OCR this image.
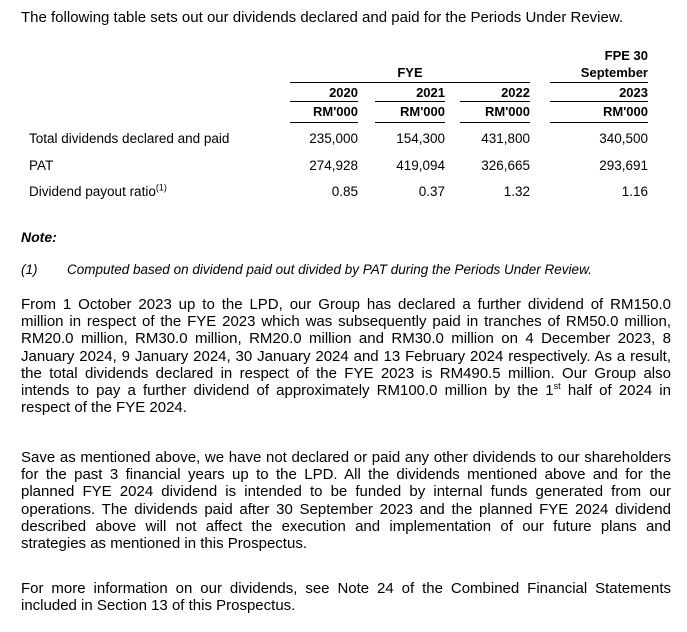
The following table sets out our dividends declared and paid for the Periods Under Review.

FYE
FPE 30
September
2020	2021	2022	2023
RM'000	RM'000	RM'000	RM'000
Total dividends declared and paid	235,000	154,300	431,800	340,500
PAT	274,928	419,094	326,665	293,691
Dividend payout ratio$^{(1)}$	0.85	0.37	1.32	1.16
Note:
(1) Computed based on dividend paid out divided by PAT during the Periods Under Review.

From 1 October 2023 up to the LPD, our Group has declared a further dividend of RM150.0 million in respect of the FYE 2023 which was subsequently paid in tranches of RM50.0 million, RM20.0 million, RM30.0 million, RM20.0 million and RM30.0 million on 4 December 2023, 8 January 2024, 9 January 2024, 30 January 2024 and 13 February 2024 respectively. As a result, the total dividends declared in respect of the FYE 2023 is RM490.5 million. Our Group also intends to pay a further dividend of approximately RM100.0 million by the 1st half of 2024 in respect of the FYE 2024.

Save as mentioned above, we have not declared or paid any other dividends to our shareholders for the past 3 financial years up to the LPD. All the dividends mentioned above and for the planned FYE 2024 dividend is intended to be funded by internal funds generated from our operations. The dividends paid after 30 September 2023 and the planned FYE 2024 dividend described above will not affect the execution and implementation of our future plans and strategies as mentioned in this Prospectus.

For more information on our dividends, see Note 24 of the Combined Financial Statements included in Section 13 of this Prospectus.
